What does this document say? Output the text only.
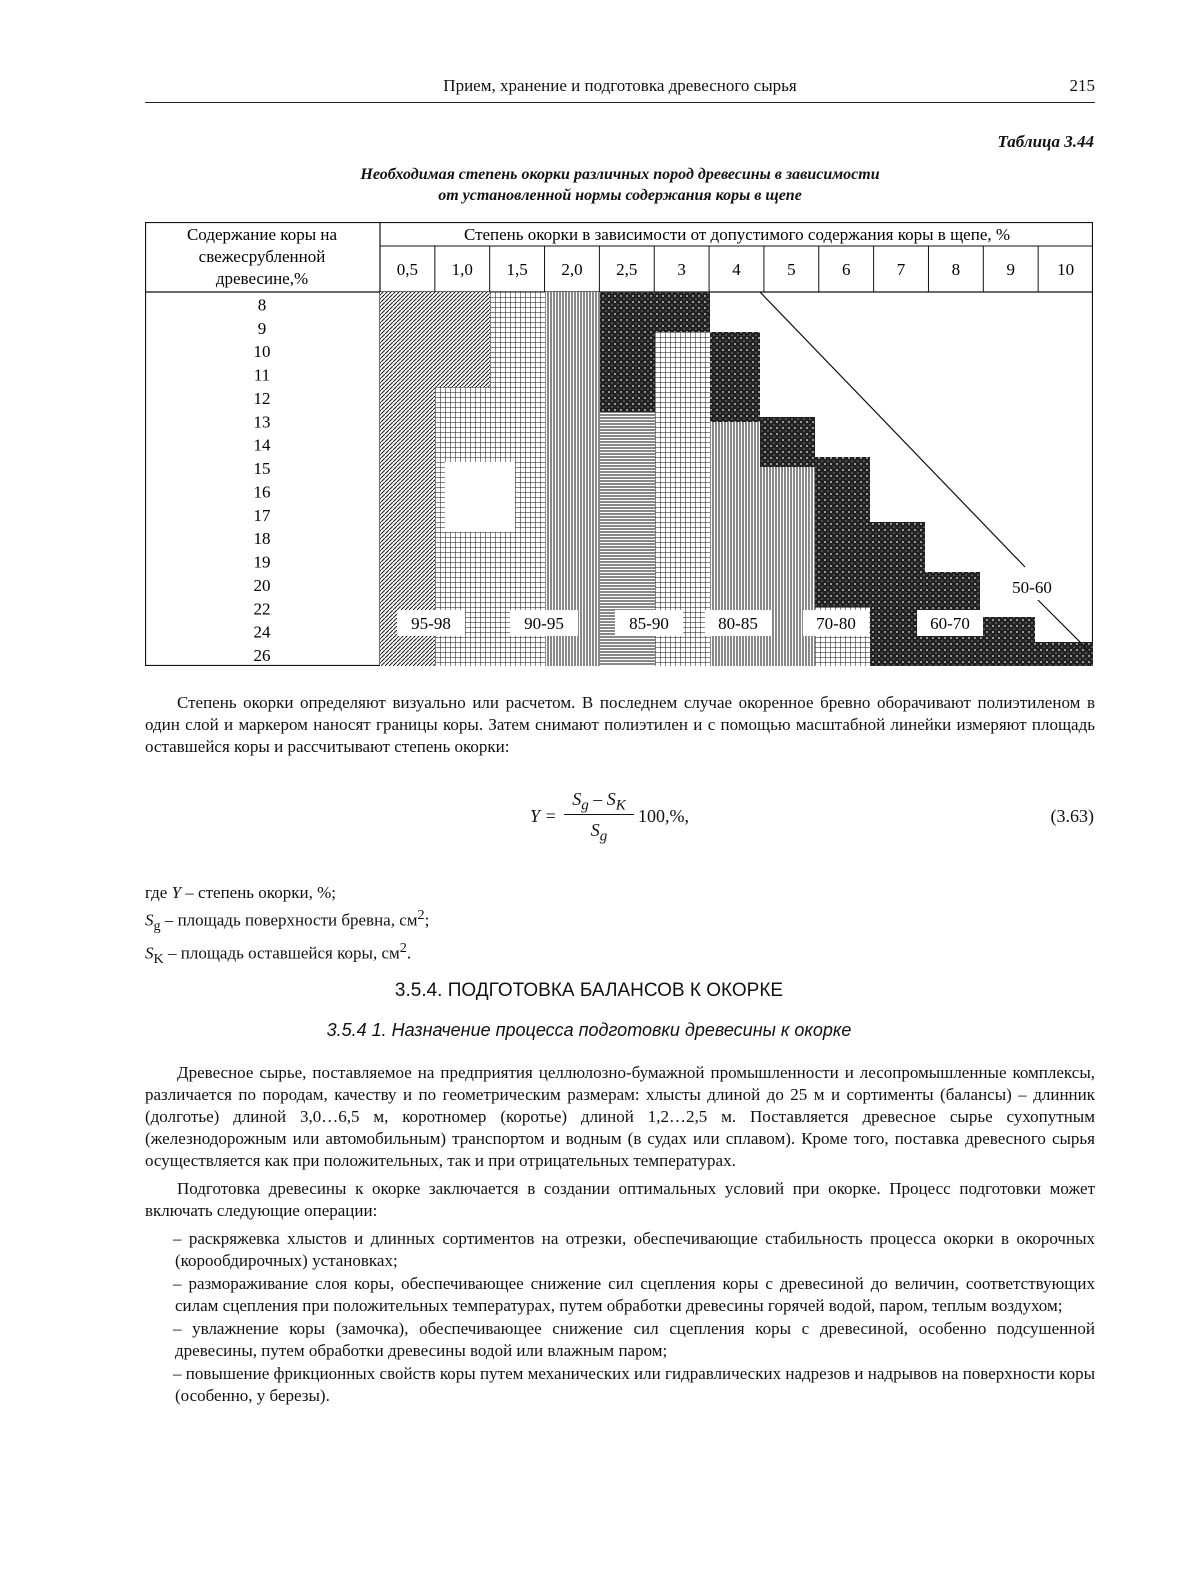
Прием, хранение и подготовка древесного сырья	215
Таблица 3.44
Необходимая степень окорки различных пород древесины в зависимости
от установленной нормы содержания коры в щепе
Содержание коры на
свежесрубленной
древесине,%
Степень окорки в зависимости от допустимого содержания коры в щепе, %
0,5 1,0 1,5 2,0 2,5 3	4	5	6	7	8	9 10
8
9
10
11
12
13
14
15
16
17
18
19
20
22
24
26
95-98	90-95	85-90	80-85	70-80	60-70
50-60

Степень окорки определяют визуально или расчетом. В последнем случае окоренное бревно оборачивают полиэтиленом в один слой и маркером наносят границы коры. Затем снимают полиэтилен и с помощью масштабной линейки измеряют площадь оставшейся коры и рассчитывают степень окорки:

Y =
$S_g - S_K$
$S_g$
100,%,	(3.63)
где Y – степень окорки, %;
$S_g$ – площадь поверхности бревна, $см^2$;
$S_K$ – площадь оставшейся коры, $см^2$.
3.5.4. ПОДГОТОВКА БАЛАНСОВ К ОКОРКЕ
3.5.4 1. Назначение процесса подготовки древесины к окорке

Древесное сырье, поставляемое на предприятия целлюлозно-бумажной промышленности и лесопромышленные комплексы, различается по породам, качеству и по геометрическим размерам: хлысты длиной до 25 м и сортименты (балансы) – длинник (долготье) длиной 3,0…6,5 м, коротномер (коротье) длиной 1,2…2,5 м. Поставляется древесное сырье сухопутным (железнодорожным или автомобильным) транспортом и водным (в судах или сплавом). Кроме того, поставка древесного сырья осуществляется как при положительных, так и при отрицательных температурах.

Подготовка древесины к окорке заключается в создании оптимальных условий при окорке. Процесс подготовки может включать следующие операции:

– раскряжевка хлыстов и длинных сортиментов на отрезки, обеспечивающие стабильность процесса окорки в окорочных (корообдирочных) установках;
– размораживание слоя коры, обеспечивающее снижение сил сцепления коры с древесиной до величин, соответствующих силам сцепления при положительных температурах, путем обработки древесины горячей водой, паром, теплым воздухом;
– увлажнение коры (замочка), обеспечивающее снижение сил сцепления коры с древесиной, особенно подсушенной древесины, путем обработки древесины водой или влажным паром;
– повышение фрикционных свойств коры путем механических или гидравлических надрезов и надрывов на поверхности коры (особенно, у березы).
